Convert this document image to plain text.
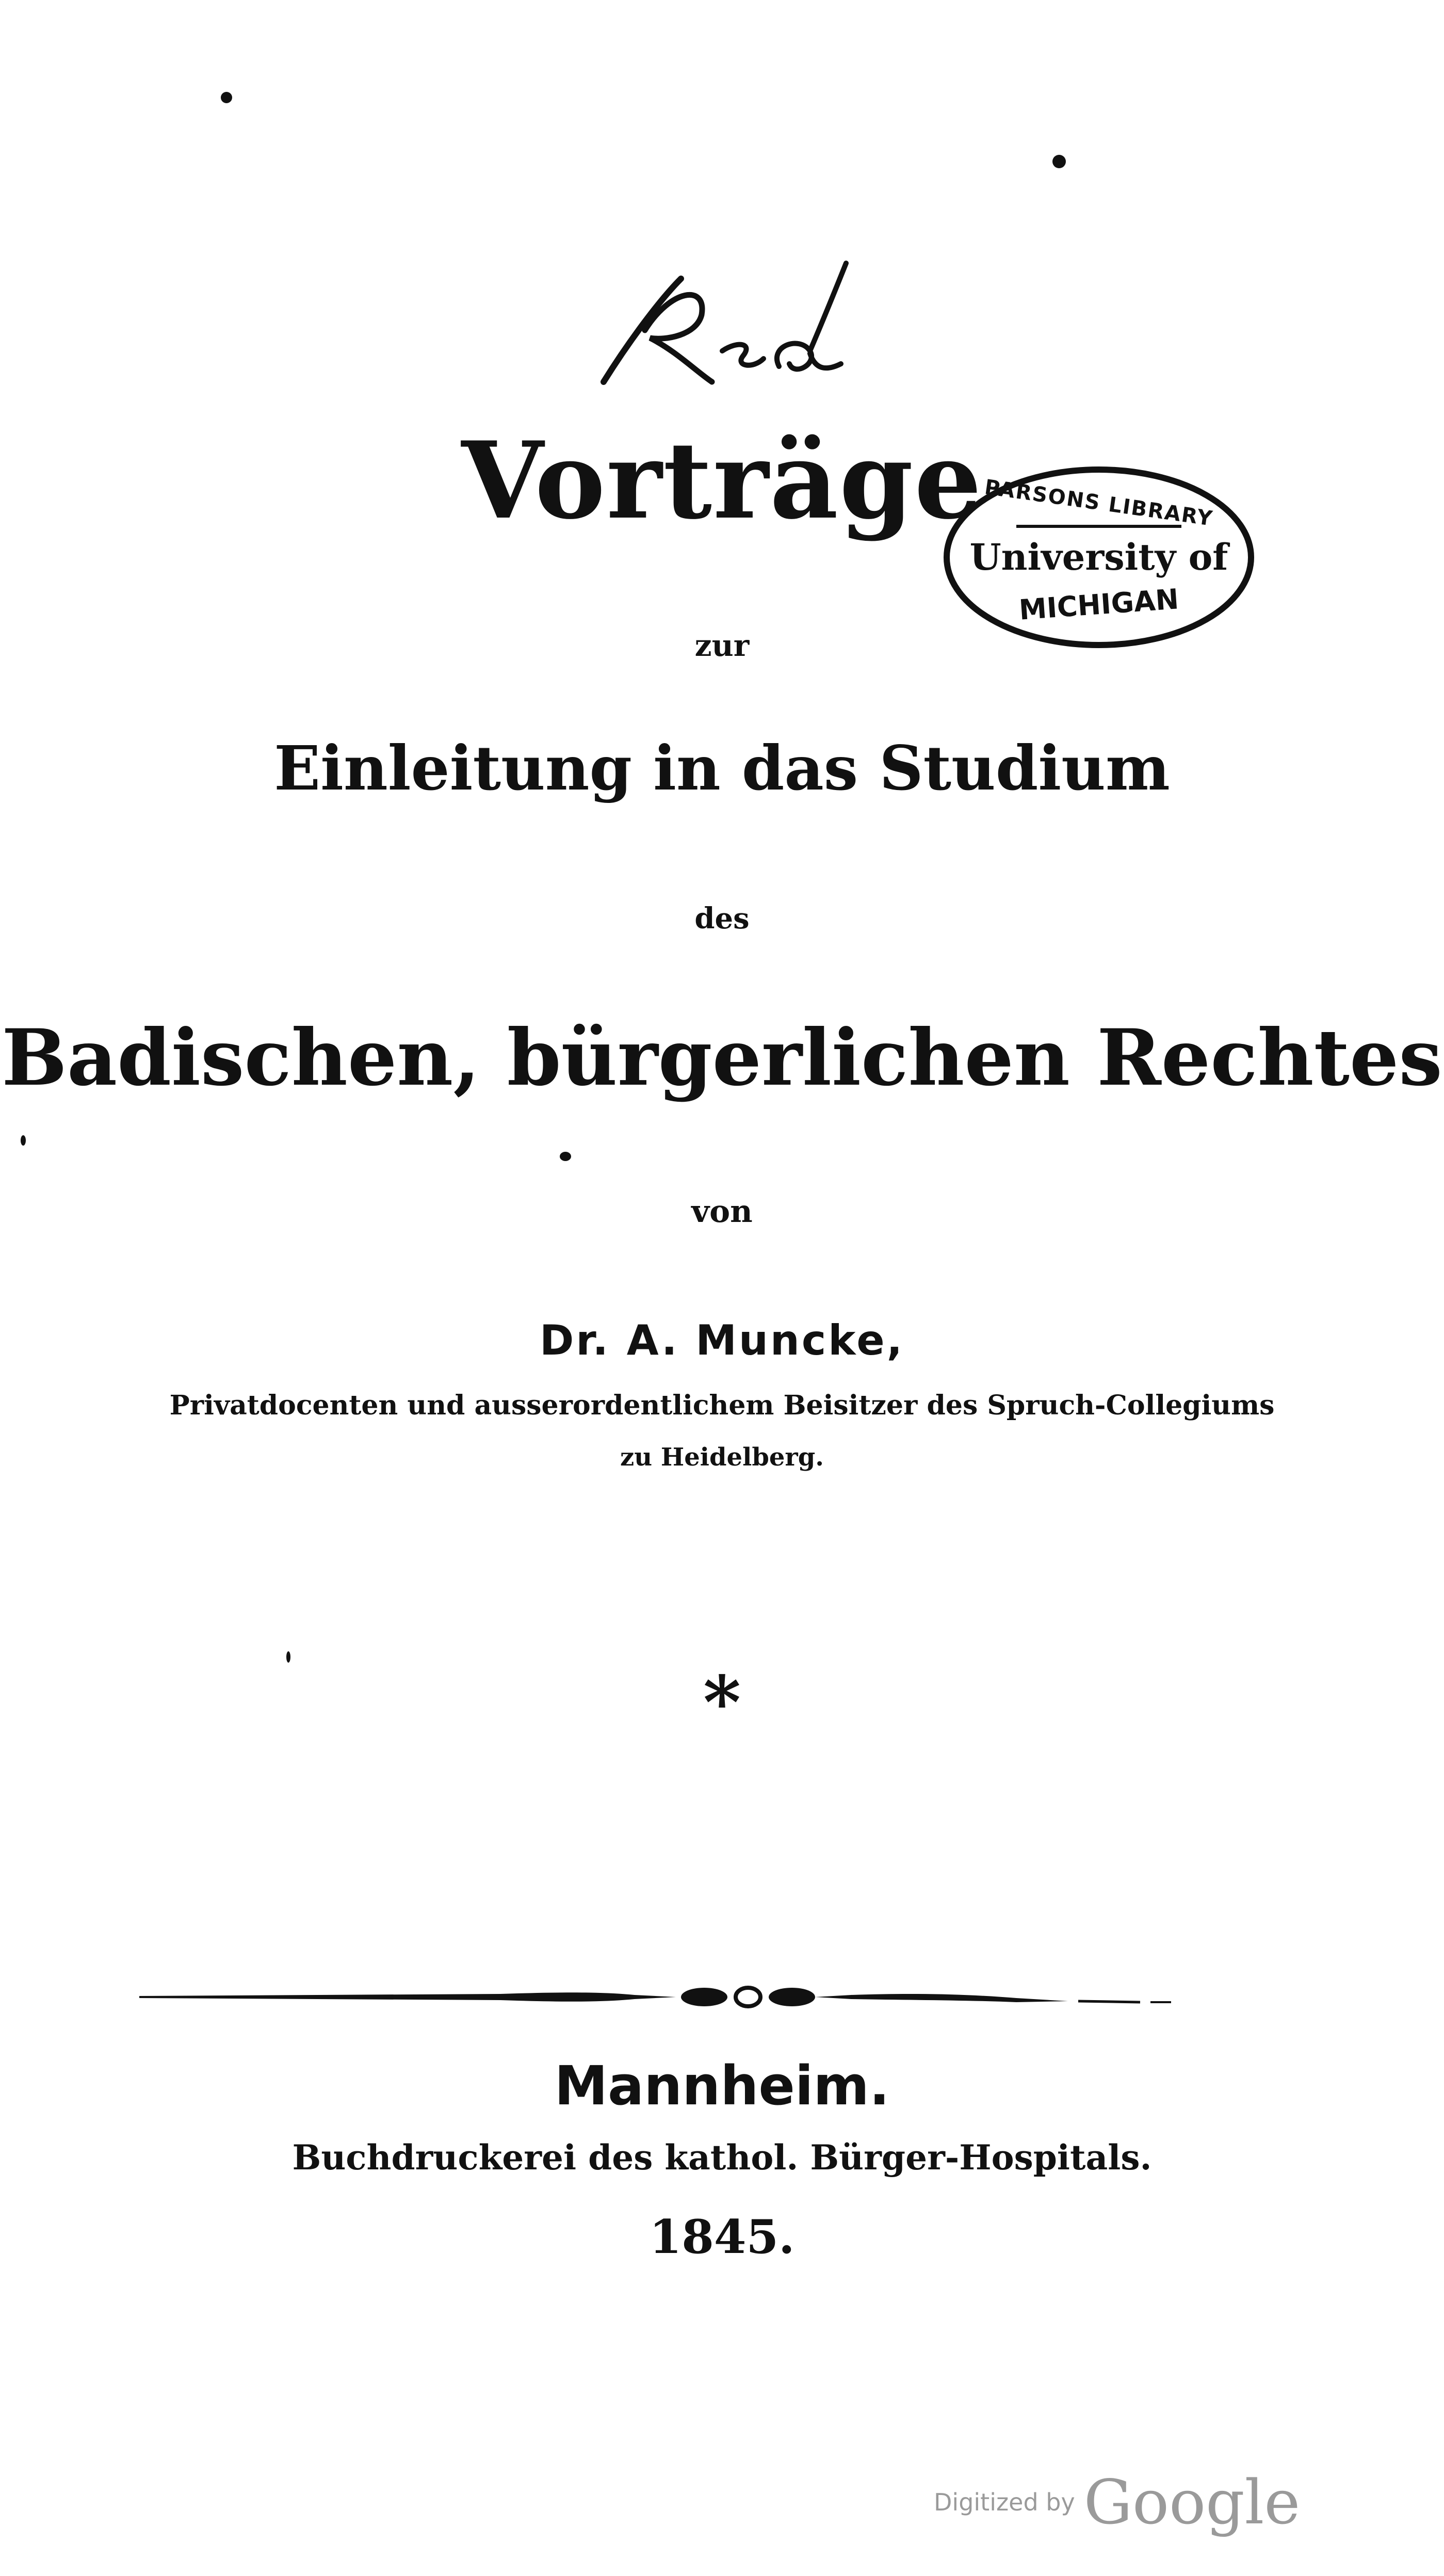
PARSONS LIBRARY
University of
MICHIGAN
Vorträge
zur
Einleitung in das Studium
des
Badischen, bürgerlichen Rechtes
von
Dr. A. Muncke,
Privatdocenten und ausserordentlichem Beisitzer des Spruch-Collegiums
zu Heidelberg.
*
Mannheim.
Buchdruckerei des kathol. Bürger-Hospitals.
1845.
Digitized by Google
